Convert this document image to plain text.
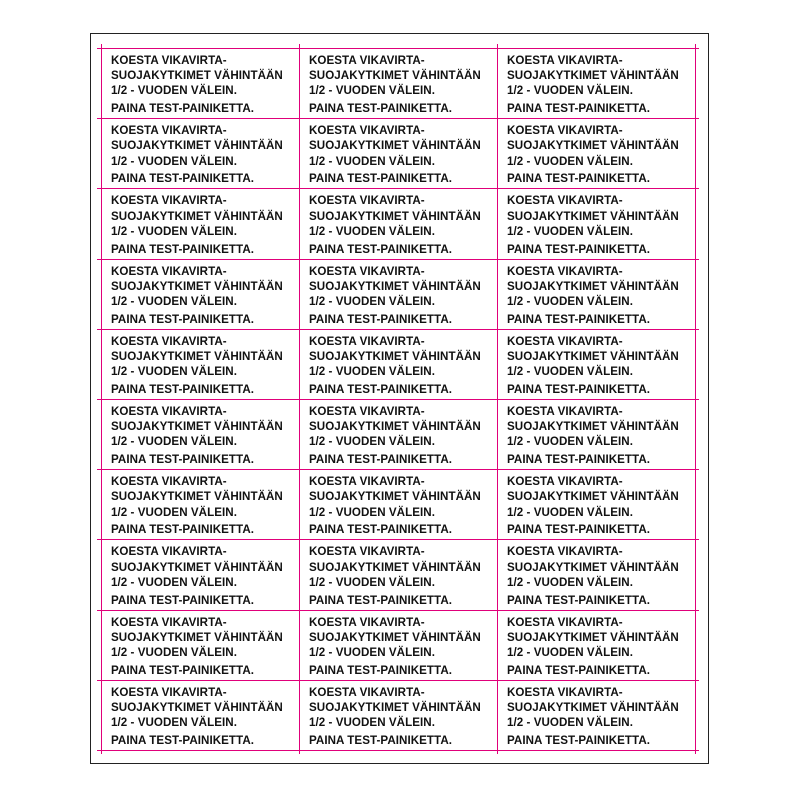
KOESTA VIKAVIRTA-
SUOJAKYTKIMET VÄHINTÄÄN
1/2 - VUODEN VÄLEIN.
PAINA TEST-PAINIKETTA.
KOESTA VIKAVIRTA-
SUOJAKYTKIMET VÄHINTÄÄN
1/2 - VUODEN VÄLEIN.
PAINA TEST-PAINIKETTA.
KOESTA VIKAVIRTA-
SUOJAKYTKIMET VÄHINTÄÄN
1/2 - VUODEN VÄLEIN.
PAINA TEST-PAINIKETTA.
KOESTA VIKAVIRTA-
SUOJAKYTKIMET VÄHINTÄÄN
1/2 - VUODEN VÄLEIN.
PAINA TEST-PAINIKETTA.
KOESTA VIKAVIRTA-
SUOJAKYTKIMET VÄHINTÄÄN
1/2 - VUODEN VÄLEIN.
PAINA TEST-PAINIKETTA.
KOESTA VIKAVIRTA-
SUOJAKYTKIMET VÄHINTÄÄN
1/2 - VUODEN VÄLEIN.
PAINA TEST-PAINIKETTA.
KOESTA VIKAVIRTA-
SUOJAKYTKIMET VÄHINTÄÄN
1/2 - VUODEN VÄLEIN.
PAINA TEST-PAINIKETTA.
KOESTA VIKAVIRTA-
SUOJAKYTKIMET VÄHINTÄÄN
1/2 - VUODEN VÄLEIN.
PAINA TEST-PAINIKETTA.
KOESTA VIKAVIRTA-
SUOJAKYTKIMET VÄHINTÄÄN
1/2 - VUODEN VÄLEIN.
PAINA TEST-PAINIKETTA.
KOESTA VIKAVIRTA-
SUOJAKYTKIMET VÄHINTÄÄN
1/2 - VUODEN VÄLEIN.
PAINA TEST-PAINIKETTA.
KOESTA VIKAVIRTA-
SUOJAKYTKIMET VÄHINTÄÄN
1/2 - VUODEN VÄLEIN.
PAINA TEST-PAINIKETTA.
KOESTA VIKAVIRTA-
SUOJAKYTKIMET VÄHINTÄÄN
1/2 - VUODEN VÄLEIN.
PAINA TEST-PAINIKETTA.
KOESTA VIKAVIRTA-
SUOJAKYTKIMET VÄHINTÄÄN
1/2 - VUODEN VÄLEIN.
PAINA TEST-PAINIKETTA.
KOESTA VIKAVIRTA-
SUOJAKYTKIMET VÄHINTÄÄN
1/2 - VUODEN VÄLEIN.
PAINA TEST-PAINIKETTA.
KOESTA VIKAVIRTA-
SUOJAKYTKIMET VÄHINTÄÄN
1/2 - VUODEN VÄLEIN.
PAINA TEST-PAINIKETTA.
KOESTA VIKAVIRTA-
SUOJAKYTKIMET VÄHINTÄÄN
1/2 - VUODEN VÄLEIN.
PAINA TEST-PAINIKETTA.
KOESTA VIKAVIRTA-
SUOJAKYTKIMET VÄHINTÄÄN
1/2 - VUODEN VÄLEIN.
PAINA TEST-PAINIKETTA.
KOESTA VIKAVIRTA-
SUOJAKYTKIMET VÄHINTÄÄN
1/2 - VUODEN VÄLEIN.
PAINA TEST-PAINIKETTA.
KOESTA VIKAVIRTA-
SUOJAKYTKIMET VÄHINTÄÄN
1/2 - VUODEN VÄLEIN.
PAINA TEST-PAINIKETTA.
KOESTA VIKAVIRTA-
SUOJAKYTKIMET VÄHINTÄÄN
1/2 - VUODEN VÄLEIN.
PAINA TEST-PAINIKETTA.
KOESTA VIKAVIRTA-
SUOJAKYTKIMET VÄHINTÄÄN
1/2 - VUODEN VÄLEIN.
PAINA TEST-PAINIKETTA.
KOESTA VIKAVIRTA-
SUOJAKYTKIMET VÄHINTÄÄN
1/2 - VUODEN VÄLEIN.
PAINA TEST-PAINIKETTA.
KOESTA VIKAVIRTA-
SUOJAKYTKIMET VÄHINTÄÄN
1/2 - VUODEN VÄLEIN.
PAINA TEST-PAINIKETTA.
KOESTA VIKAVIRTA-
SUOJAKYTKIMET VÄHINTÄÄN
1/2 - VUODEN VÄLEIN.
PAINA TEST-PAINIKETTA.
KOESTA VIKAVIRTA-
SUOJAKYTKIMET VÄHINTÄÄN
1/2 - VUODEN VÄLEIN.
PAINA TEST-PAINIKETTA.
KOESTA VIKAVIRTA-
SUOJAKYTKIMET VÄHINTÄÄN
1/2 - VUODEN VÄLEIN.
PAINA TEST-PAINIKETTA.
KOESTA VIKAVIRTA-
SUOJAKYTKIMET VÄHINTÄÄN
1/2 - VUODEN VÄLEIN.
PAINA TEST-PAINIKETTA.
KOESTA VIKAVIRTA-
SUOJAKYTKIMET VÄHINTÄÄN
1/2 - VUODEN VÄLEIN.
PAINA TEST-PAINIKETTA.
KOESTA VIKAVIRTA-
SUOJAKYTKIMET VÄHINTÄÄN
1/2 - VUODEN VÄLEIN.
PAINA TEST-PAINIKETTA.
KOESTA VIKAVIRTA-
SUOJAKYTKIMET VÄHINTÄÄN
1/2 - VUODEN VÄLEIN.
PAINA TEST-PAINIKETTA.
